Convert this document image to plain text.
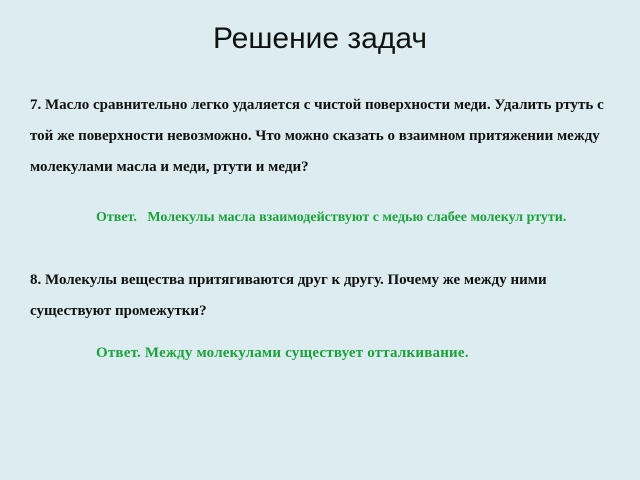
Решение задач

7. Масло сравнительно легко удаляется с чистой поверхности меди. Удалить ртуть с той же поверхности невозможно. Что можно сказать о взаимном притяжении между молекулами масла и меди, ртути и меди?

Ответ.   Молекулы масла взаимодействуют с медью слабее молекул ртути.

8. Молекулы вещества притягиваются друг к другу. Почему же между ними существуют промежутки?

Ответ. Между молекулами существует отталкивание.
